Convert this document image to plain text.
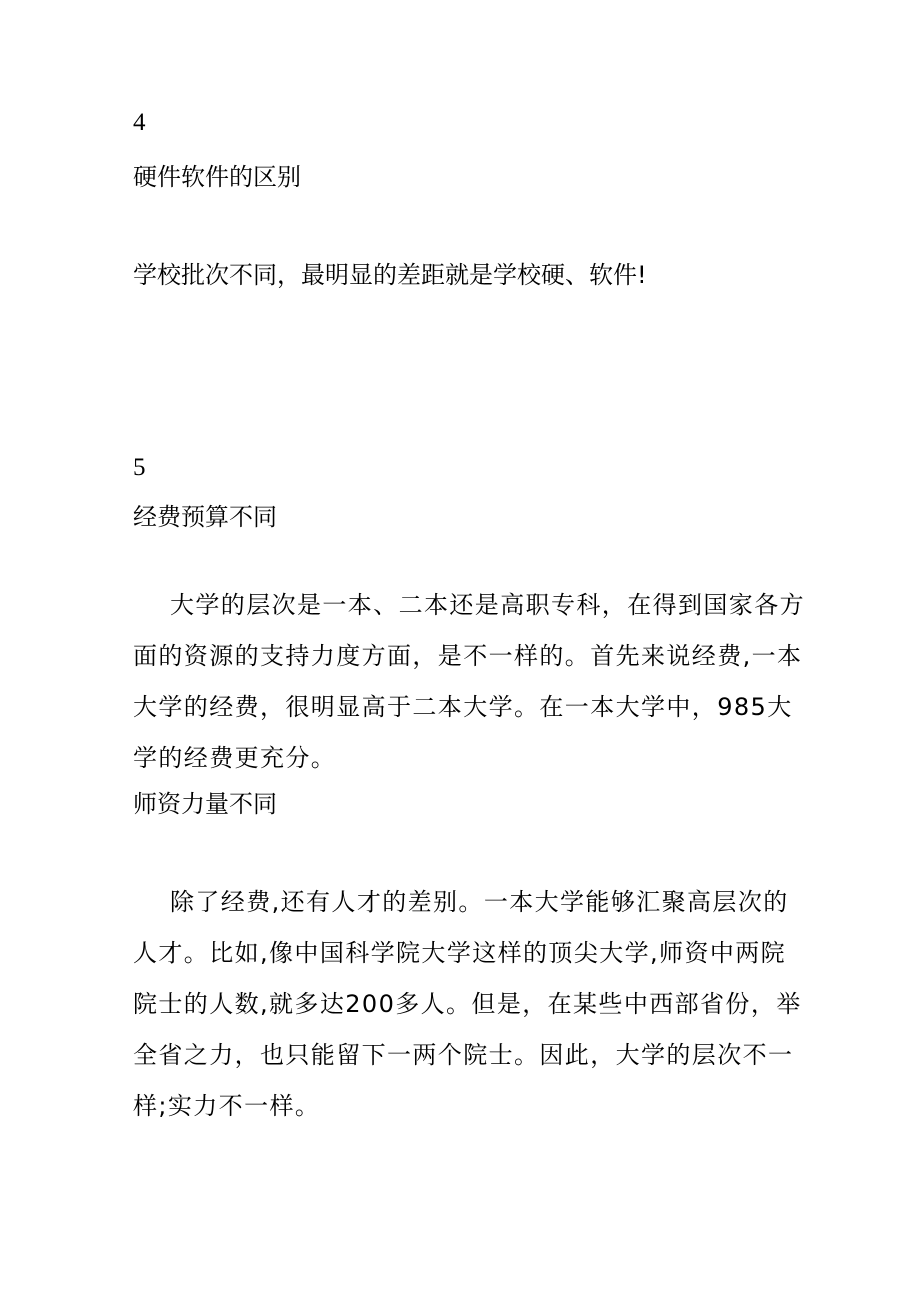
4
硬件软件的区别
学校批次不同，最明显的差距就是学校硬、软件!
5
经费预算不同

大学的层次是一本、二本还是高职专科，在得到国家各方面的资源的支持力度方面，是不一样的。首先来说经费,一本大学的经费，很明显高于二本大学。在一本大学中，985大学的经费更充分。

师资力量不同

除了经费,还有人才的差别。一本大学能够汇聚高层次的人才。比如,像中国科学院大学这样的顶尖大学,师资中两院院士的人数,就多达200多人。但是，在某些中西部省份，举全省之力，也只能留下一两个院士。因此，大学的层次不一样;实力不一样。
